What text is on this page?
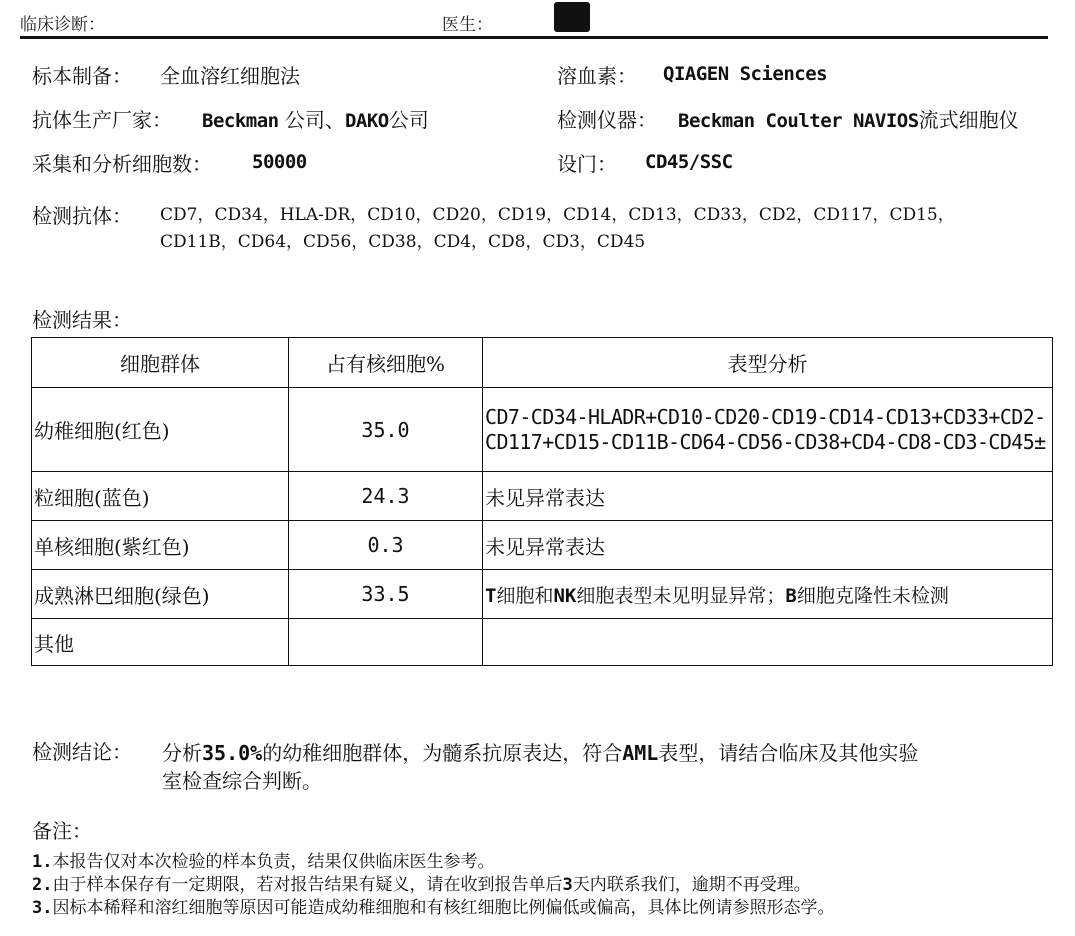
临床诊断：	医生：
标本制备： 全血溶红细胞法	溶血素： QIAGEN Sciences
抗体生产厂家： Beckman 公司、DAKO公司	检测仪器： Beckman Coulter NAVIOS流式细胞仪
采集和分析细胞数： 50000	设门： CD45/SSC
检测抗体： CD7，CD34，HLA-DR，CD10，CD20，CD19，CD14，CD13，CD33，CD2，CD117，CD15，
CD11B，CD64，CD56，CD38，CD4，CD8，CD3，CD45
检测结果：
细胞群体	占有核细胞%	表型分析
幼稚细胞(红色)	35.0	CD7-CD34-HLADR+CD10-CD20-CD19-CD14-CD13+CD33+CD2-CD117+CD15-CD11B-CD64-CD56-CD38+CD4-CD8-CD3-CD45±
粒细胞(蓝色)	24.3	未见异常表达
单核细胞(紫红色)	0.3	未见异常表达
成熟淋巴细胞(绿色)	33.5	T细胞和NK细胞表型未见明显异常；B细胞克隆性未检测
其他		
检测结论： 分析35.0%的幼稚细胞群体，为髓系抗原表达，符合AML表型，请结合临床及其他实验
室检查综合判断。
备注：
1.本报告仅对本次检验的样本负责，结果仅供临床医生参考。
2.由于样本保存有一定期限，若对报告结果有疑义，请在收到报告单后3天内联系我们，逾期不再受理。
3.因标本稀释和溶红细胞等原因可能造成幼稚细胞和有核红细胞比例偏低或偏高，具体比例请参照形态学。
